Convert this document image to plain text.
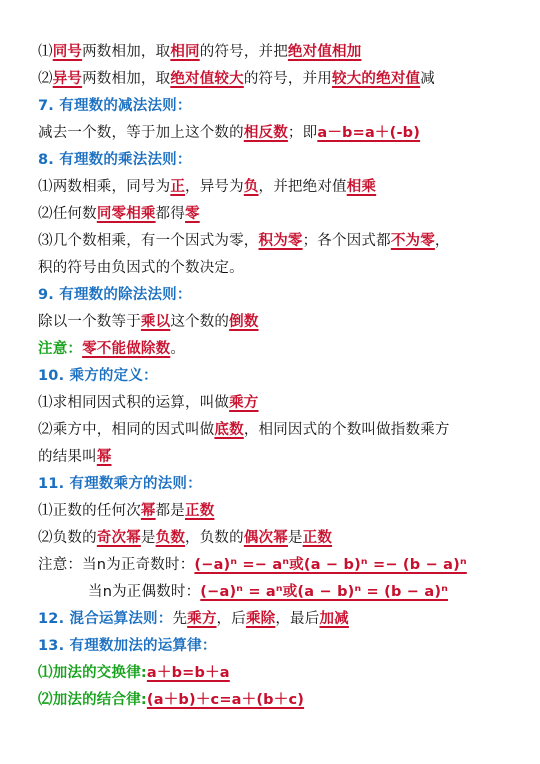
⑴同号两数相加，取相同的符号，并把绝对值相加
⑵异号两数相加，取绝对值较大的符号，并用较大的绝对值减
7. 有理数的减法法则：
减去一个数，等于加上这个数的相反数；即a－b=a＋(-b)
8. 有理数的乘法法则：
⑴两数相乘，同号为正，异号为负，并把绝对值相乘
⑵任何数同零相乘都得零
⑶几个数相乘，有一个因式为零，积为零；各个因式都不为零，
积的符号由负因式的个数决定。
9. 有理数的除法法则：
除以一个数等于乘以这个数的倒数
注意：零不能做除数。
10. 乘方的定义：
⑴求相同因式积的运算，叫做乘方
⑵乘方中，相同的因式叫做底数，相同因式的个数叫做指数乘方
的结果叫幂
11. 有理数乘方的法则：
⑴正数的任何次幂都是正数
⑵负数的奇次幂是负数，负数的偶次幂是正数
注意：当n为正奇数时：(−a)ⁿ =− aⁿ或(a − b)ⁿ =− (b − a)ⁿ
当n为正偶数时：(−a)ⁿ = aⁿ或(a − b)ⁿ = (b − a)ⁿ
12. 混合运算法则：先乘方，后乘除，最后加减
13. 有理数加法的运算律：
⑴加法的交换律:a＋b=b＋a
⑵加法的结合律:(a＋b)＋c=a＋(b＋c)
